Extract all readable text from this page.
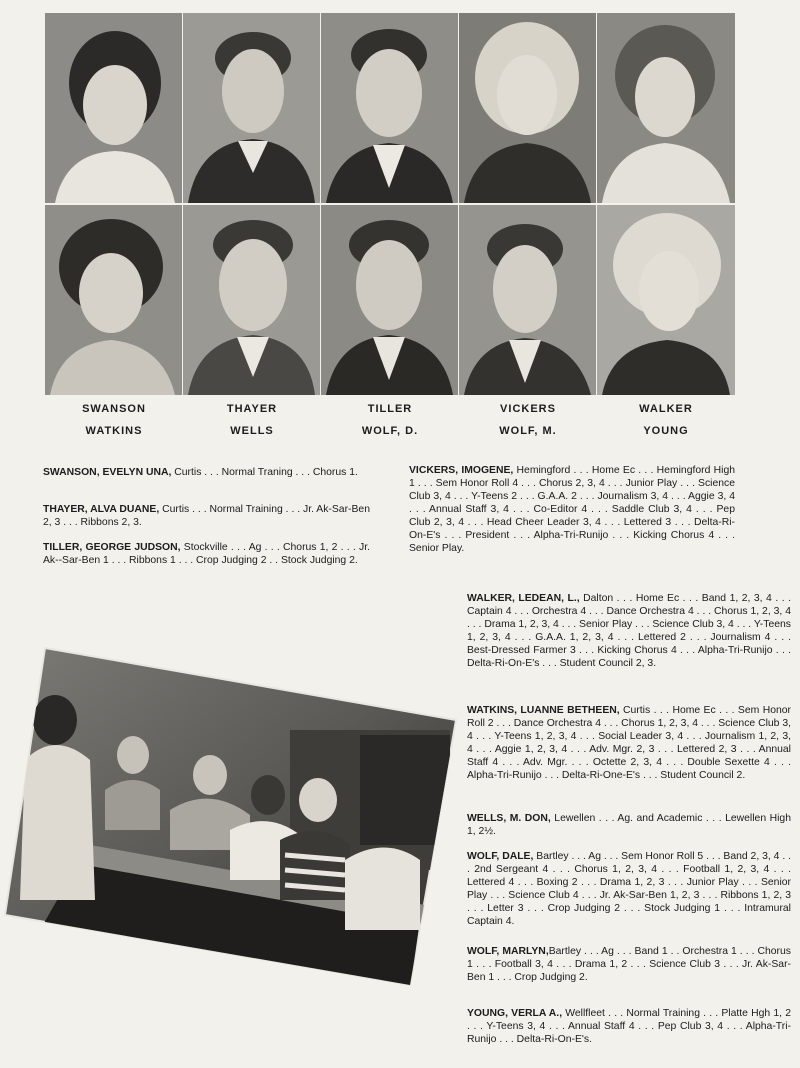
SWANSON	THAYER	TILLER	VICKERS	WALKER
WATKINS	WELLS	WOLF, D.	WOLF, M.	YOUNG

SWANSON, EVELYN UNA, Curtis . . . Normal Traning . . . Chorus 1.

THAYER, ALVA DUANE, Curtis . . . Normal Training . . . Jr. Ak-Sar-Ben 2, 3 . . . Ribbons 2, 3.

TILLER, GEORGE JUDSON, Stockville . . . Ag . . . Chorus 1, 2 . . . Jr. Ak--Sar-Ben 1 . . . Ribbons 1 . . . Crop Judging 2 . . Stock Judging 2.

VICKERS, IMOGENE, Hemingford . . . Home Ec . . . Hemingford High 1 . . . Sem Honor Roll 4 . . . Chorus 2, 3, 4 . . . Junior Play . . . Science Club 3, 4 . . . Y-Teens 2 . . . G.A.A. 2 . . . Journalism 3, 4 . . . Aggie 3, 4 . . . Annual Staff 3, 4 . . . Co-Editor 4 . . . Saddle Club 3, 4 . . . Pep Club 2, 3, 4 . . . Head Cheer Leader 3, 4 . . . Lettered 3 . . . Delta-Ri-On-E's . . . President . . . Alpha-Tri-Runijo . . . Kicking Chorus 4 . . . Senior Play.

WALKER, LEDEAN, L., Dalton . . . Home Ec . . . Band 1, 2, 3, 4 . . . Captain 4 . . . Orchestra 4 . . . Dance Orchestra 4 . . . Chorus 1, 2, 3, 4 . . . Drama 1, 2, 3, 4 . . . Senior Play . . . Science Club 3, 4 . . . Y-Teens 1, 2, 3, 4 . . . G.A.A. 1, 2, 3, 4 . . . Lettered 2 . . . Journalism 4 . . . Best-Dressed Farmer 3 . . . Kicking Chorus 4 . . . Alpha-Tri-Runijo . . . Delta-Ri-On-E's . . . Student Council 2, 3.

WATKINS, LUANNE BETHEEN, Curtis . . . Home Ec . . . Sem Honor Roll 2 . . . Dance Orchestra 4 . . . Chorus 1, 2, 3, 4 . . . Science Club 3, 4 . . . Y-Teens 1, 2, 3, 4 . . . Social Leader 3, 4 . . . Journalism 1, 2, 3, 4 . . . Aggie 1, 2, 3, 4 . . . Adv. Mgr. 2, 3 . . . Lettered 2, 3 . . . Annual Staff 4 . . . Adv. Mgr. . . . Octette 2, 3, 4 . . . Double Sexette 4 . . . Alpha-Tri-Runijo . . . Delta-Ri-One-E's . . . Student Council 2.

WELLS, M. DON, Lewellen . . . Ag. and Academic . . . Lewellen High 1, 2½.

WOLF, DALE, Bartley . . . Ag . . . Sem Honor Roll 5 . . . Band 2, 3, 4 . . . 2nd Sergeant 4 . . . Chorus 1, 2, 3, 4 . . . Football 1, 2, 3, 4 . . . Lettered 4 . . . Boxing 2 . . . Drama 1, 2, 3 . . . Junior Play . . . Senior Play . . . Science Club 4 . . . Jr. Ak-Sar-Ben 1, 2, 3 . . . Ribbons 1, 2, 3 . . . Letter 3 . . . Crop Judging 2 . . . Stock Judging 1 . . . Intramural Captain 4.

WOLF, MARLYN,Bartley . . . Ag . . . Band 1 . . Orchestra 1 . . . Chorus 1 . . . Football 3, 4 . . . Drama 1, 2 . . . Science Club 3 . . . Jr. Ak-Sar-Ben 1 . . . Crop Judging 2.

YOUNG, VERLA A., Wellfleet . . . Normal Training . . . Platte Hgh 1, 2 . . . Y-Teens 3, 4 . . . Annual Staff 4 . . . Pep Club 3, 4 . . . Alpha-Tri-Runijo . . . Delta-Ri-On-E's.
